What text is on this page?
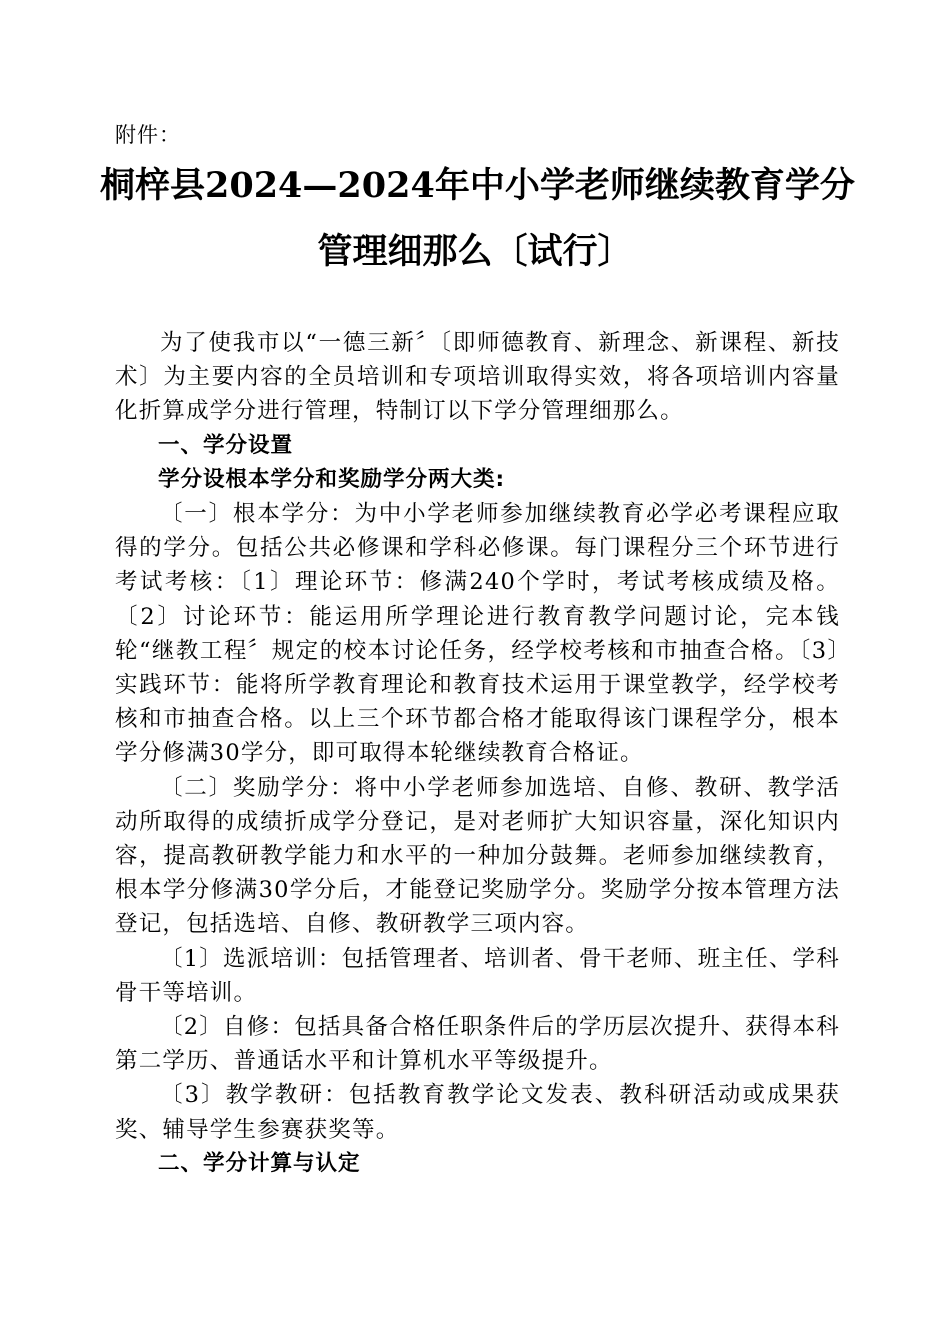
附件：
桐梓县2024—2024年中小学老师继续教育学分
管理细那么〔试行〕

为了使我市以“一德三新〞〔即师德教育、新理念、新课程、新技术〕为主要内容的全员培训和专项培训取得实效，将各项培训内容量化折算成学分进行管理，特制订以下学分管理细那么。

一、学分设置

学分设根本学分和奖励学分两大类:

〔一〕根本学分：为中小学老师参加继续教育必学必考课程应取得的学分。包括公共必修课和学科必修课。每门课程分三个环节进行考试考核：〔1〕理论环节：修满240个学时，考试考核成绩及格。〔2〕讨论环节：能运用所学理论进行教育教学问题讨论，完本钱轮“继教工程〞规定的校本讨论任务，经学校考核和市抽查合格。〔3〕实践环节：能将所学教育理论和教育技术运用于课堂教学，经学校考核和市抽查合格。以上三个环节都合格才能取得该门课程学分，根本学分修满30学分，即可取得本轮继续教育合格证。

〔二〕奖励学分：将中小学老师参加选培、自修、教研、教学活动所取得的成绩折成学分登记，是对老师扩大知识容量，深化知识内容，提高教研教学能力和水平的一种加分鼓舞。老师参加继续教育，根本学分修满30学分后，才能登记奖励学分。奖励学分按本管理方法登记，包括选培、自修、教研教学三项内容。

〔1〕选派培训：包括管理者、培训者、骨干老师、班主任、学科骨干等培训。

〔2〕自修：包括具备合格任职条件后的学历层次提升、获得本科第二学历、普通话水平和计算机水平等级提升。

〔3〕教学教研：包括教育教学论文发表、教科研活动或成果获奖、辅导学生参赛获奖等。

二、学分计算与认定
